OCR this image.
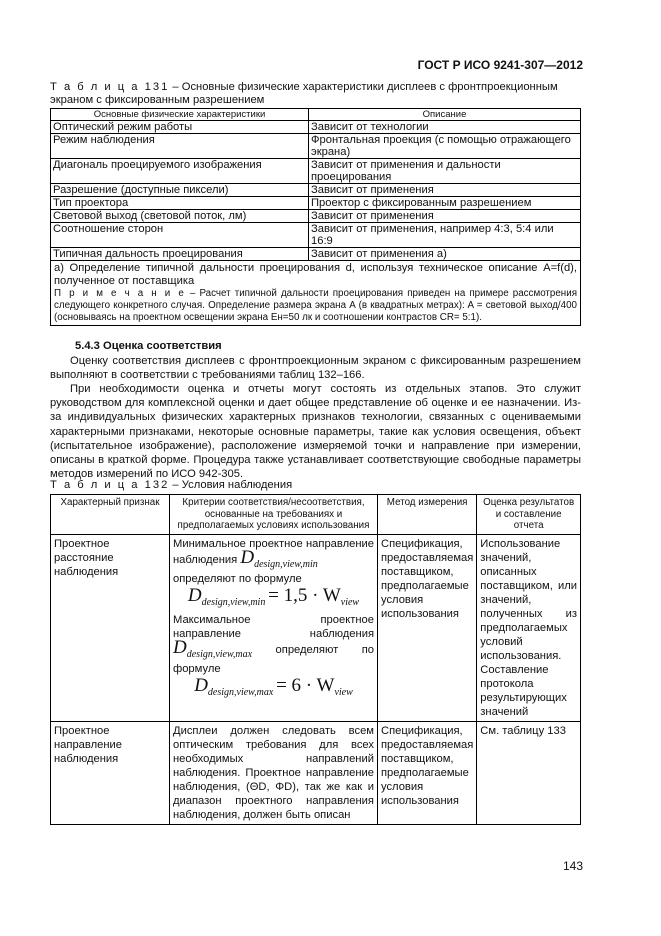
ГОСТ Р ИСО 9241-307—2012
Т а б л и ц а 131 – Основные физические характеристики дисплеев с фронтпроекционным экраном с фиксированным разрешением
Основные физические характеристики	Описание
Оптический режим работы	Зависит от технологии
Режим наблюдения	Фронтальная проекция (с помощью отражающего экрана)
Диагональ проецируемого изображения	Зависит от применения и дальности проецирования
Разрешение (доступные пиксели)	Зависит от применения
Тип проектора	Проектор с фиксированным разрешением
Световой выход (световой поток, лм)	Зависит от применения
Соотношение сторон	Зависит от применения, например 4:3, 5:4 или 16:9
Типичная дальность проецирования	Зависит от применения а)

а) Определение типичной дальности проецирования d, используя техническое описание A=f(d), полученное от поставщика
П р и м е ч а н и е – Расчет типичной дальности проецирования приведен на примере рассмотрения следующего конкретного случая. Определение размера экрана A (в квадратных метрах): A = световой выход/400 (основываясь на проектном освещении экрана Eн=50 лк и соотношении контрастов CR= 5:1).	
5.4.3 Оценка соответствия
Оценку соответствия дисплеев с фронтпроекционным экраном с фиксированным разрешением выполняют в соответствии с требованиями таблиц 132–166.
При необходимости оценка и отчеты могут состоять из отдельных этапов. Это служит руководством для комплексной оценки и дает общее представление об оценке и ее назначении. Из-за индивидуальных физических характерных признаков технологии, связанных с оцениваемыми характерными признаками, некоторые основные параметры, такие как условия освещения, объект (испытательное изображение), расположение измеряемой точки и направление при измерении, описаны в краткой форме. Процедура также устанавливает соответствующие свободные параметры методов измерений по ИСО 942-305.
Т а б л и ц а 132 – Условия наблюдения
Характерный признак	Критерии соответствия/несоответствия, основанные на требованиях и предполагаемых условиях использования	Метод измерения	Оценка результатов и составление отчета
Проектное расстояние наблюдения	Минимальное проектное направление наблюдения Ddesign,view,min
определяют по формуле
Ddesign,view,min = 1,5 · Wview
Максимальное проектное направление наблюдения Ddesign,view,max определяют по формуле
Ddesign,view,max = 6 · Wview	Спецификация, предоставляемая поставщиком, предполагаемые условия использования	Использование значений, описанных поставщиком, или значений, полученных из предполагаемых условий использования. Составление протокола результирующих значений
Проектное направление наблюдения	Дисплеи должен следовать всем оптическим требования для всех необходимых направлений наблюдения. Проектное направление наблюдения, (ΘD, ΦD), так же как и диапазон проектного направления наблюдения, должен быть описан	Спецификация, предоставляемая поставщиком, предполагаемые условия использования	См. таблицу 133
143
